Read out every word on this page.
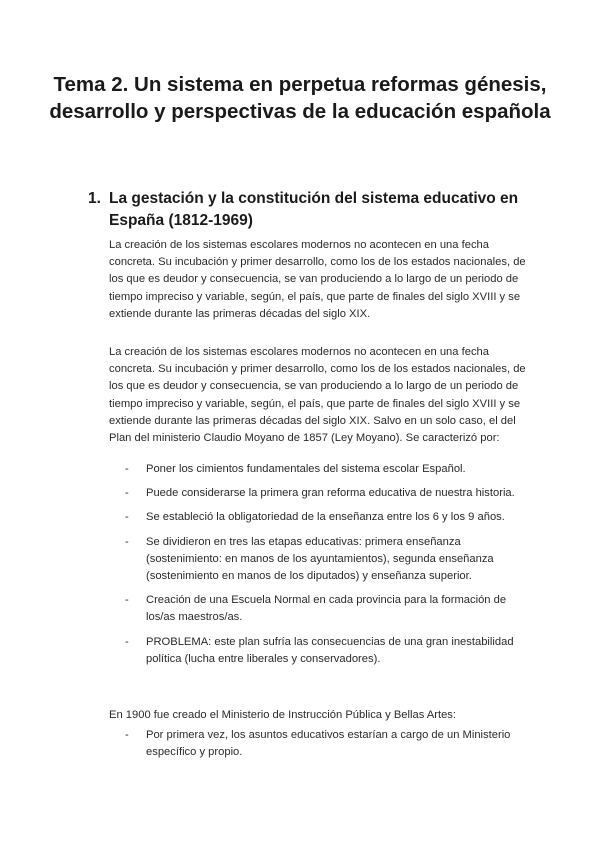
Tema 2. Un sistema en perpetua reformas génesis, desarrollo y perspectivas de la educación española
1. La gestación y la constitución del sistema educativo en España (1812-1969)

La creación de los sistemas escolares modernos no acontecen en una fecha concreta. Su incubación y primer desarrollo, como los de los estados nacionales, de los que es deudor y consecuencia, se van produciendo a lo largo de un periodo de tiempo impreciso y variable, según, el país, que parte de finales del siglo XVIII y se extiende durante las primeras décadas del siglo XIX.

La creación de los sistemas escolares modernos no acontecen en una fecha concreta. Su incubación y primer desarrollo, como los de los estados nacionales, de los que es deudor y consecuencia, se van produciendo a lo largo de un periodo de tiempo impreciso y variable, según, el país, que parte de finales del siglo XVIII y se extiende durante las primeras décadas del siglo XIX. Salvo en un solo caso, el del Plan del ministerio Claudio Moyano de 1857 (Ley Moyano). Se caracterizó por:

- Poner los cimientos fundamentales del sistema escolar Español.
- Puede considerarse la primera gran reforma educativa de nuestra historia.
- Se estableció la obligatoriedad de la enseñanza entre los 6 y los 9 años.
- Se dividieron en tres las etapas educativas: primera enseñanza (sostenimiento: en manos de los ayuntamientos), segunda enseñanza (sostenimiento en manos de los diputados) y enseñanza superior.
- Creación de una Escuela Normal en cada provincia para la formación de los/as maestros/as.
- PROBLEMA: este plan sufría las consecuencias de una gran inestabilidad política (lucha entre liberales y conservadores).

En 1900 fue creado el Ministerio de Instrucción Pública y Bellas Artes:

- Por primera vez, los asuntos educativos estarían a cargo de un Ministerio específico y propio.
